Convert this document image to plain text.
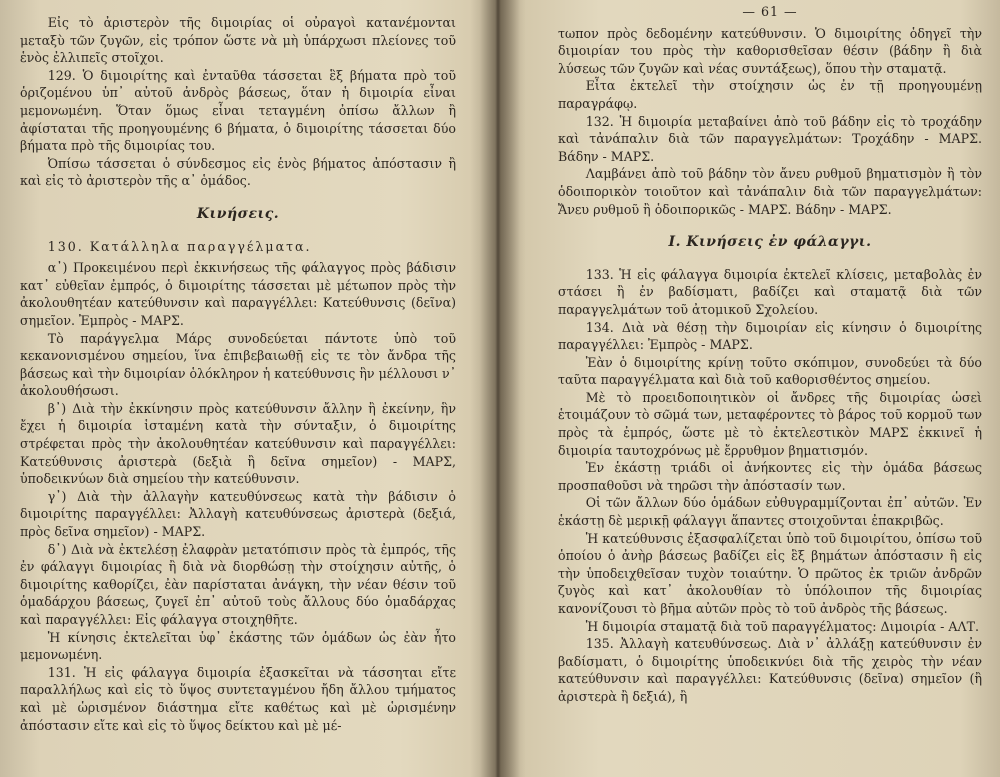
Εἰς τὸ ἀριστερὸν τῆς διμοιρίας οἱ οὐραγοὶ κατανέμονται μεταξὺ τῶν ζυγῶν, εἰς τρόπον ὥστε νὰ μὴ ὑπάρχωσι πλείονες τοῦ ἑνὸς ἐλλιπεῖς στοῖχοι.

129. Ὁ διμοιρίτης καὶ ἐνταῦθα τάσσεται ἓξ βήματα πρὸ τοῦ ὁριζομένου ὑπ᾽ αὐτοῦ ἀνδρὸς βάσεως, ὅταν ἡ διμοιρία εἶναι μεμονωμένη. Ὅταν ὅμως εἶναι τεταγμένη ὀπίσω ἄλλων ἢ ἀφίσταται τῆς προηγουμένης 6 βήματα, ὁ διμοιρίτης τάσσεται δύο βήματα πρὸ τῆς διμοιρίας του.

Ὀπίσω τάσσεται ὁ σύνδεσμος εἰς ἑνὸς βήματος ἀπόστασιν ἢ καὶ εἰς τὸ ἀριστερὸν τῆς α᾽ ὁμάδος.

Κινήσεις.

130. Κατάλληλα παραγγέλματα.

α᾽) Προκειμένου περὶ ἐκκινήσεως τῆς φάλαγγος πρὸς βάδισιν κατ᾽ εὐθεῖαν ἐμπρός, ὁ διμοιρίτης τάσσεται μὲ μέτωπον πρὸς τὴν ἀκολουθητέαν κατεύθυνσιν καὶ παραγγέλλει: Κατεύθυνσις (δεῖνα) σημεῖον. Ἐμπρὸς - ΜΑΡΣ.

Τὸ παράγγελμα Μάρς συνοδεύεται πάντοτε ὑπὸ τοῦ κεκανονισμένου σημείου, ἵνα ἐπιβεβαιωθῇ εἰς τε τὸν ἄνδρα τῆς βάσεως καὶ τὴν διμοιρίαν ὁλόκληρον ἡ κατεύθυνσις ἣν μέλλουσι ν᾽ ἀκολουθήσωσι.

β᾽) Διὰ τὴν ἐκκίνησιν πρὸς κατεύθυνσιν ἄλλην ἢ ἐκείνην, ἣν ἔχει ἡ διμοιρία ἱσταμένη κατὰ τὴν σύνταξιν, ὁ διμοιρίτης στρέφεται πρὸς τὴν ἀκολουθητέαν κατεύθυνσιν καὶ παραγγέλλει: Κατεύθυνσις ἀριστερὰ (δεξιὰ ἢ δεῖνα σημεῖον) - ΜΑΡΣ, ὑποδεικνύων διὰ σημείου τὴν κατεύθυνσιν.

γ᾽) Διὰ τὴν ἀλλαγὴν κατευθύνσεως κατὰ τὴν βάδισιν ὁ διμοιρίτης παραγγέλλει: Ἀλλαγὴ κατευθύνσεως ἀριστερὰ (δεξιά, πρὸς δεῖνα σημεῖον) - ΜΑΡΣ.

δ᾽) Διὰ νὰ ἐκτελέσῃ ἐλαφρὰν μετατόπισιν πρὸς τὰ ἐμπρός, τῆς ἐν φάλαγγι διμοιρίας ἢ διὰ νὰ διορθώσῃ τὴν στοίχησιν αὐτῆς, ὁ διμοιρίτης καθορίζει, ἐὰν παρίσταται ἀνάγκη, τὴν νέαν θέσιν τοῦ ὁμαδάρχου βάσεως, ζυγεῖ ἐπ᾽ αὐτοῦ τοὺς ἄλλους δύο ὁμαδάρχας καὶ παραγγέλλει: Εἰς φάλαγγα στοιχηθῆτε.

Ἡ κίνησις ἐκτελεῖται ὑφ᾽ ἑκάστης τῶν ὁμάδων ὡς ἐὰν ἦτο μεμονωμένη.

131. Ἡ εἰς φάλαγγα διμοιρία ἐξασκεῖται νὰ τάσσηται εἴτε παραλλήλως καὶ εἰς τὸ ὕψος συντεταγμένου ἤδη ἄλλου τμήματος καὶ μὲ ὡρισμένον διάστημα εἴτε καθέτως καὶ μὲ ὡρισμένην ἀπόστασιν εἴτε καὶ εἰς τὸ ὕψος δείκτου καὶ μὲ μέ-

— 61 —

τωπον πρὸς δεδομένην κατεύθυνσιν. Ὁ διμοιρίτης ὁδηγεῖ τὴν διμοιρίαν του πρὸς τὴν καθορισθεῖσαν θέσιν (βάδην ἢ διὰ λύσεως τῶν ζυγῶν καὶ νέας συντάξεως), ὅπου τὴν σταματᾷ.

Εἶτα ἐκτελεῖ τὴν στοίχησιν ὡς ἐν τῇ προηγουμένῃ παραγράφῳ.

132. Ἡ διμοιρία μεταβαίνει ἀπὸ τοῦ βάδην εἰς τὸ τροχάδην καὶ τἀνάπαλιν διὰ τῶν παραγγελμάτων: Τροχάδην - ΜΑΡΣ. Βάδην - ΜΑΡΣ.

Λαμβάνει ἀπὸ τοῦ βάδην τὸν ἄνευ ρυθμοῦ βηματισμὸν ἢ τὸν ὁδοιπορικὸν τοιοῦτον καὶ τἀνάπαλιν διὰ τῶν παραγγελμάτων: Ἄνευ ρυθμοῦ ἢ ὁδοιπορικῶς - ΜΑΡΣ. Βάδην - ΜΑΡΣ.

Ι. Κινήσεις ἐν φάλαγγι.

133. Ἡ εἰς φάλαγγα διμοιρία ἐκτελεῖ κλίσεις, μεταβολὰς ἐν στάσει ἢ ἐν βαδίσματι, βαδίζει καὶ σταματᾷ διὰ τῶν παραγγελμάτων τοῦ ἀτομικοῦ Σχολείου.

134. Διὰ νὰ θέσῃ τὴν διμοιρίαν εἰς κίνησιν ὁ διμοιρίτης παραγγέλλει: Ἐμπρὸς - ΜΑΡΣ.

Ἐὰν ὁ διμοιρίτης κρίνῃ τοῦτο σκόπιμον, συνοδεύει τὰ δύο ταῦτα παραγγέλματα καὶ διὰ τοῦ καθορισθέντος σημείου.

Μὲ τὸ προειδοποιητικὸν οἱ ἄνδρες τῆς διμοιρίας ὡσεὶ ἑτοιμάζουν τὸ σῶμά των, μεταφέροντες τὸ βάρος τοῦ κορμοῦ των πρὸς τὰ ἐμπρός, ὥστε μὲ τὸ ἐκτελεστικὸν ΜΑΡΣ ἐκκινεῖ ἡ διμοιρία ταυτοχρόνως μὲ ἔρρυθμον βηματισμόν.

Ἐν ἑκάστῃ τριάδι οἱ ἀνήκοντες εἰς τὴν ὁμάδα βάσεως προσπαθοῦσι νὰ τηρῶσι τὴν ἀπόστασίν των.

Οἱ τῶν ἄλλων δύο ὁμάδων εὐθυγραμμίζονται ἐπ᾽ αὐτῶν. Ἐν ἑκάστῃ δὲ μερικῇ φάλαγγι ἅπαντες στοιχοῦνται ἐπακριβῶς.

Ἡ κατεύθυνσις ἐξασφαλίζεται ὑπὸ τοῦ διμοιρίτου, ὀπίσω τοῦ ὁποίου ὁ ἀνὴρ βάσεως βαδίζει εἰς ἓξ βημάτων ἀπόστασιν ἢ εἰς τὴν ὑποδειχθεῖσαν τυχὸν τοιαύτην. Ὁ πρῶτος ἐκ τριῶν ἀνδρῶν ζυγὸς καὶ κατ᾽ ἀκολουθίαν τὸ ὑπόλοιπον τῆς διμοιρίας κανονίζουσι τὸ βῆμα αὐτῶν πρὸς τὸ τοῦ ἀνδρὸς τῆς βάσεως.

Ἡ διμοιρία σταματᾷ διὰ τοῦ παραγγέλματος: Διμοιρία - ΑΛΤ.

135. Ἀλλαγὴ κατευθύνσεως. Διὰ ν᾽ ἀλλάξῃ κατεύθυνσιν ἐν βαδίσματι, ὁ διμοιρίτης ὑποδεικνύει διὰ τῆς χειρὸς τὴν νέαν κατεύθυνσιν καὶ παραγγέλλει: Κατεύθυνσις (δεῖνα) σημεῖον (ἢ ἀριστερὰ ἢ δεξιά), ἢ
